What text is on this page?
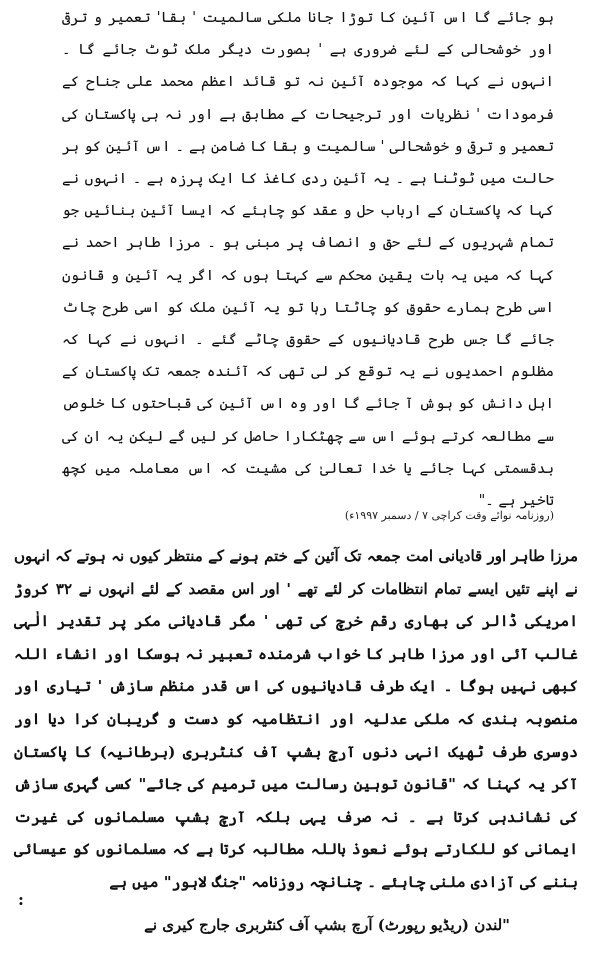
ہو جائے گا اس آئین کا توڑا جانا ملکی سالمیت ' بقا' تعمیر و ترقی اور خوشحالی کے لئے ضروری ہے ' بصورت دیگر ملک ٹوٹ جائے گا ۔ انہوں نے کہا کہ موجودہ آئین نہ تو قائد اعظم محمد علی جناح کے فرمودات ' نظریات اور ترجیحات کے مطابق ہے اور نہ ہی پاکستان کی تعمیر و ترقی و خوشحالی ' سالمیت و بقا کا ضامن ہے ۔ اس آئین کو ہر حالت میں ٹوٹنا ہے ۔ یہ آئین ردی کاغذ کا ایک پرزہ ہے ۔ انہوں نے کہا کہ پاکستان کے ارباب حل و عقد کو چاہئے کہ ایسا آئین بنائیں جو تمام شہریوں کے لئے حق و انصاف پر مبنی ہو ۔ مرزا طاہر احمد نے کہا کہ میں یہ بات یقین محکم سے کہتا ہوں کہ اگر یہ آئین و قانون اسی طرح ہمارے حقوق کو چاٹتا رہا تو یہ آئین ملک کو اسی طرح چاٹ جائے گا جس طرح قادیانیوں کے حقوق چاٹے گئے ۔ انہوں نے کہا کہ مظلوم احمدیوں نے یہ توقع کر لی تھی کہ آئندہ جمعہ تک پاکستان کے اہل دانش کو ہوش آ جائے گا اور وہ اس آئین کی قباحتوں کا خلوص سے مطالعہ کرتے ہوئے اس سے چھٹکارا حاصل کر لیں گے لیکن یہ ان کی بدقسمتی کہا جائے یا خدا تعالیٰ کی مشیت کہ اس معاملہ میں کچھ تاخیر ہے ۔"

(روزنامہ نوائے وقت کراچی ۷ / دسمبر ۱۹۹۷ء)

مرزا طاہر اور قادیانی امت جمعہ تک آئین کے ختم ہونے کے منتظر کیوں نہ ہوتے کہ انہوں نے اپنے تئیں ایسے تمام انتظامات کر لئے تھے ' اور اس مقصد کے لئے انہوں نے ۳۲ کروڑ امریکی ڈالر کی بھاری رقم خرچ کی تھی ' مگر قادیانی مکر پر تقدیر الٰہی غالب آئی اور مرزا طاہر کا خواب شرمندہ تعبیر نہ ہوسکا اور انشاء اللہ کبھی نہیں ہوگا ۔ ایک طرف قادیانیوں کی اس قدر منظم سازش ' تیاری اور منصوبہ بندی کہ ملکی عدلیہ اور انتظامیہ کو دست و گریبان کرا دیا اور دوسری طرف ٹھیک انہی دنوں آرچ بشپ آف کنٹربری (برطانیہ) کا پاکستان آکر یہ کہنا کہ "قانون توہین رسالت میں ترمیم کی جائے" کسی گہری سازش کی نشاندہی کرتا ہے ۔ نہ صرف یہی بلکہ آرچ بشپ مسلمانوں کی غیرت ایمانی کو للکارتے ہوئے نعوذ باللہ مطالبہ کرتا ہے کہ مسلمانوں کو عیسائی بننے کی آزادی ملنی چاہئے ۔ چنانچہ روزنامہ "جنگ لاہور" میں ہے

:

"لندن (ریڈیو رپورٹ) آرچ بشپ آف کنٹربری جارج کیری نے
